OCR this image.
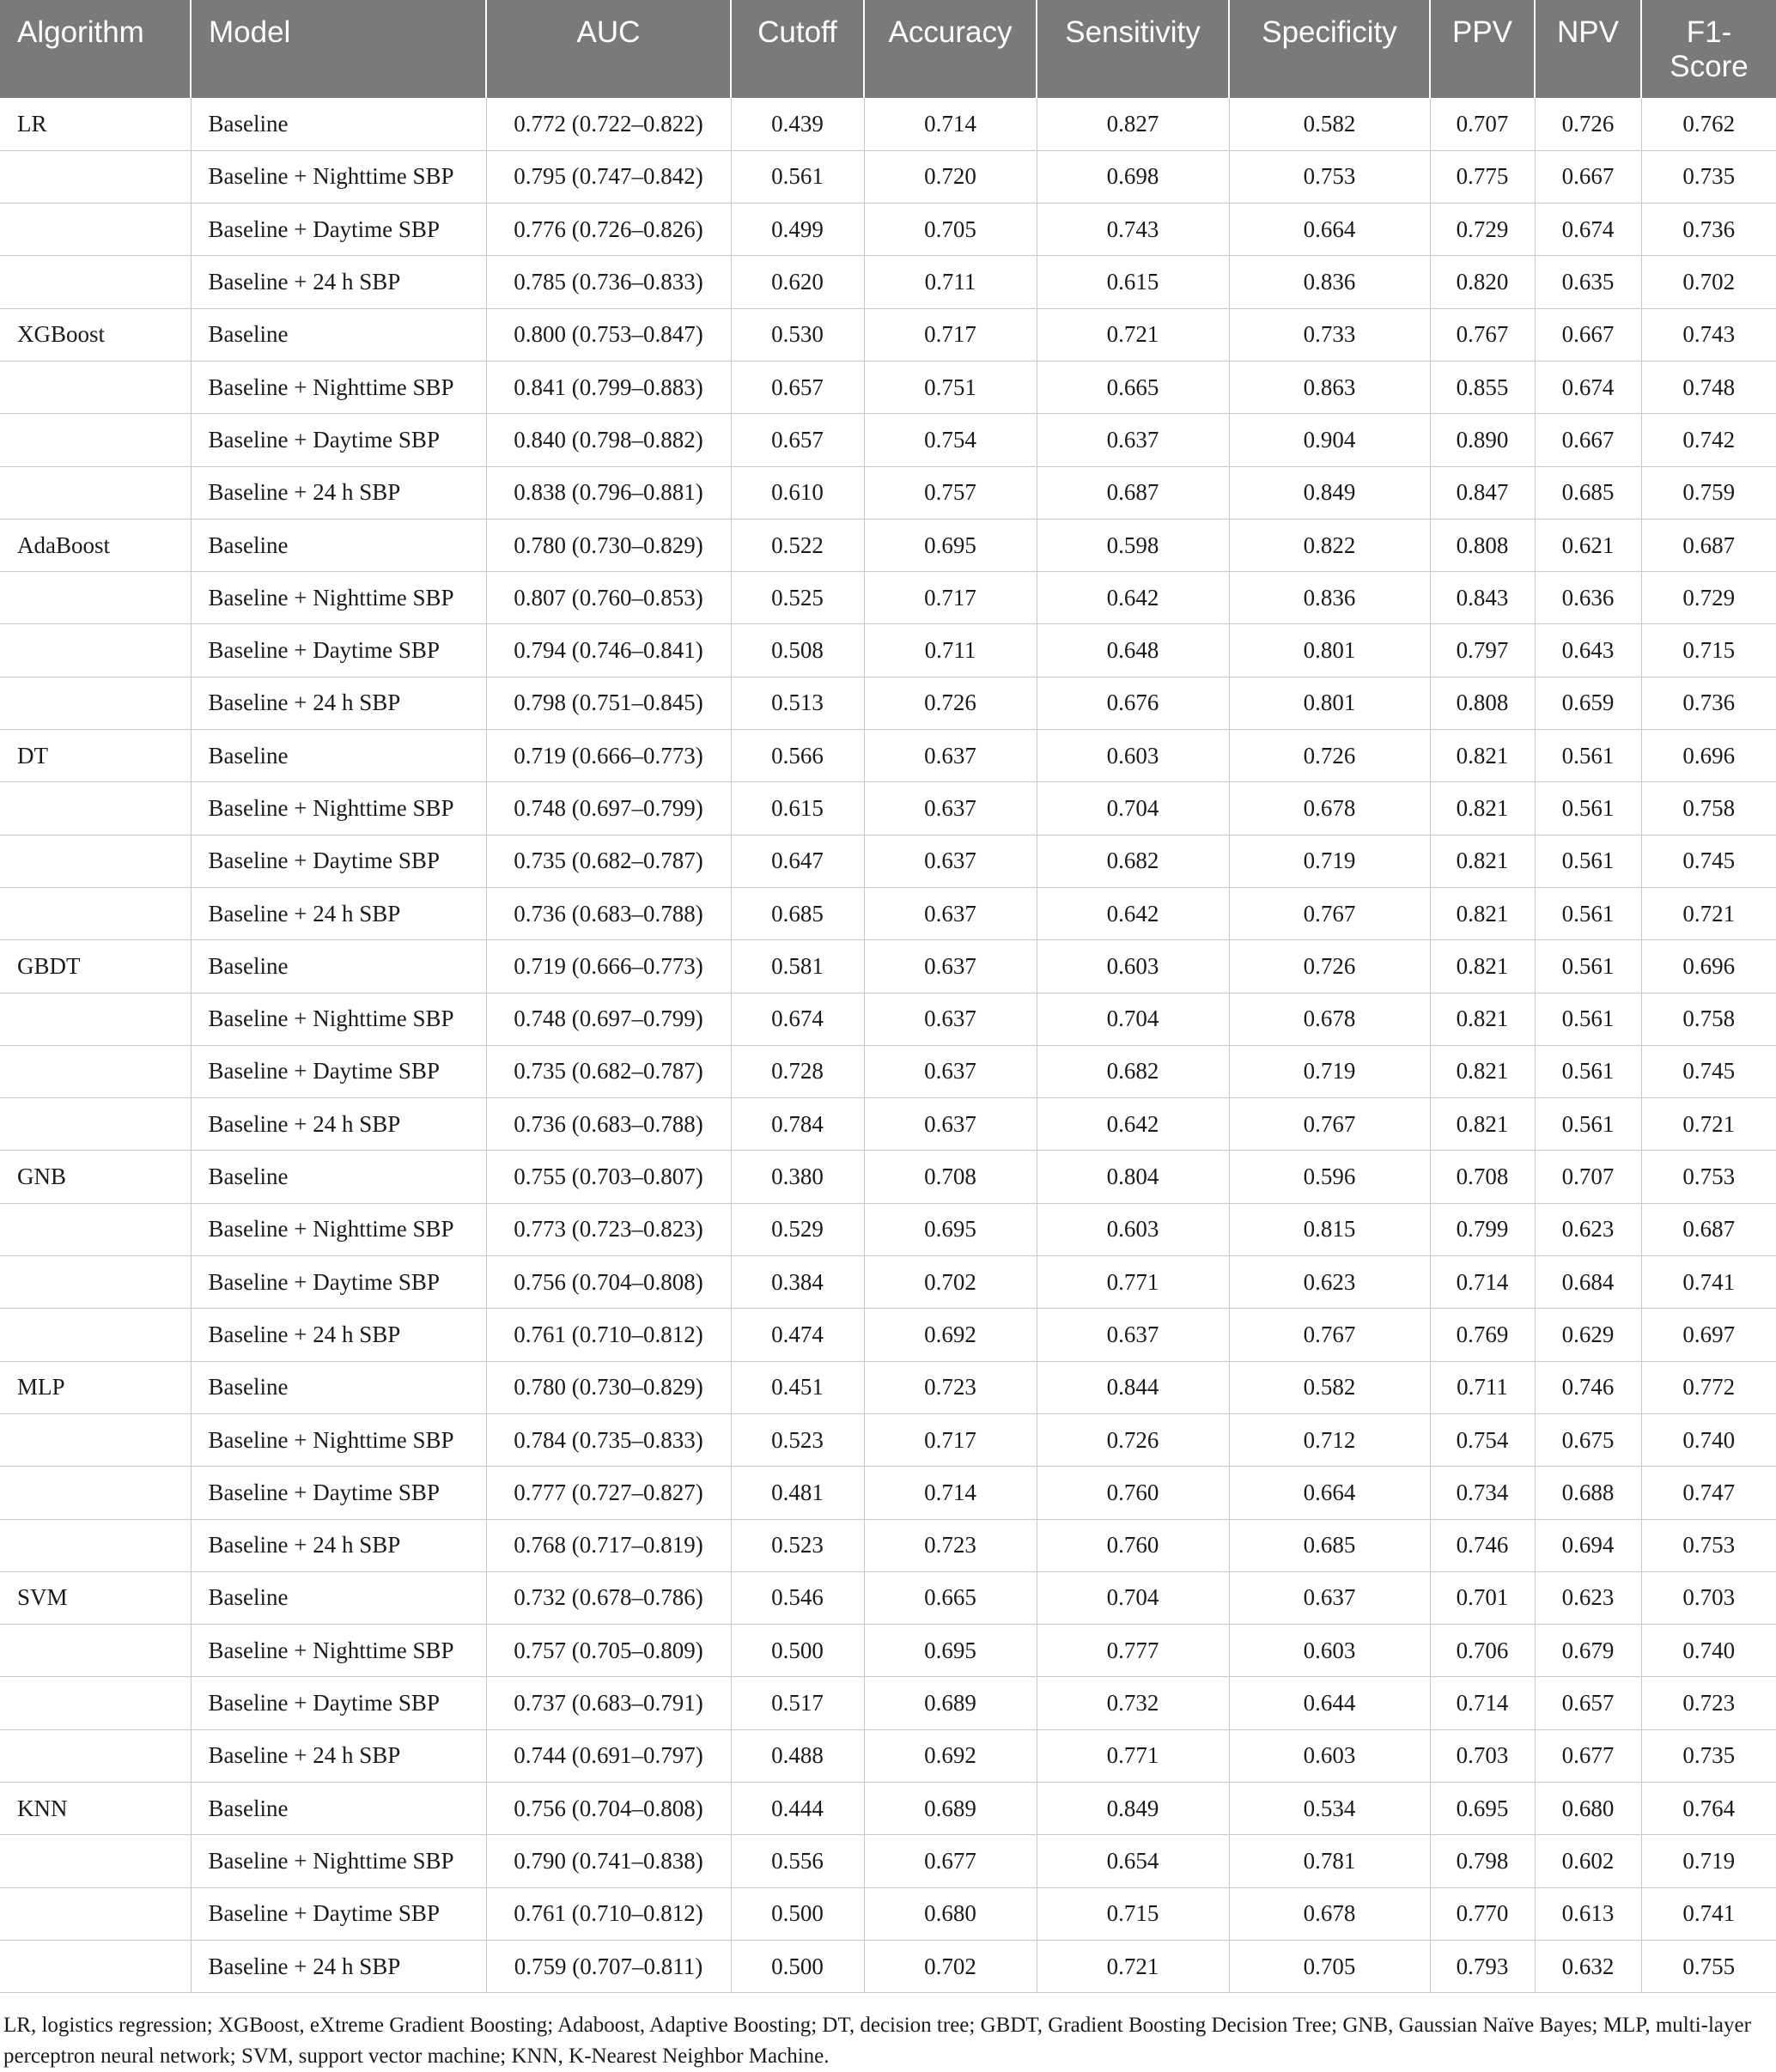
Algorithm	Model	AUC	Cutoff	Accuracy	Sensitivity	Specificity	PPV	NPV	F1-
Score

LR	Baseline	0.772 (0.722–0.822)	0.439	0.714	0.827	0.582	0.707	0.726	0.762
	Baseline + Nighttime SBP	0.795 (0.747–0.842)	0.561	0.720	0.698	0.753	0.775	0.667	0.735
	Baseline + Daytime SBP	0.776 (0.726–0.826)	0.499	0.705	0.743	0.664	0.729	0.674	0.736
	Baseline + 24 h SBP	0.785 (0.736–0.833)	0.620	0.711	0.615	0.836	0.820	0.635	0.702
XGBoost	Baseline	0.800 (0.753–0.847)	0.530	0.717	0.721	0.733	0.767	0.667	0.743
	Baseline + Nighttime SBP	0.841 (0.799–0.883)	0.657	0.751	0.665	0.863	0.855	0.674	0.748
	Baseline + Daytime SBP	0.840 (0.798–0.882)	0.657	0.754	0.637	0.904	0.890	0.667	0.742
	Baseline + 24 h SBP	0.838 (0.796–0.881)	0.610	0.757	0.687	0.849	0.847	0.685	0.759
AdaBoost	Baseline	0.780 (0.730–0.829)	0.522	0.695	0.598	0.822	0.808	0.621	0.687
	Baseline + Nighttime SBP	0.807 (0.760–0.853)	0.525	0.717	0.642	0.836	0.843	0.636	0.729
	Baseline + Daytime SBP	0.794 (0.746–0.841)	0.508	0.711	0.648	0.801	0.797	0.643	0.715
	Baseline + 24 h SBP	0.798 (0.751–0.845)	0.513	0.726	0.676	0.801	0.808	0.659	0.736
DT	Baseline	0.719 (0.666–0.773)	0.566	0.637	0.603	0.726	0.821	0.561	0.696
	Baseline + Nighttime SBP	0.748 (0.697–0.799)	0.615	0.637	0.704	0.678	0.821	0.561	0.758
	Baseline + Daytime SBP	0.735 (0.682–0.787)	0.647	0.637	0.682	0.719	0.821	0.561	0.745
	Baseline + 24 h SBP	0.736 (0.683–0.788)	0.685	0.637	0.642	0.767	0.821	0.561	0.721
GBDT	Baseline	0.719 (0.666–0.773)	0.581	0.637	0.603	0.726	0.821	0.561	0.696
	Baseline + Nighttime SBP	0.748 (0.697–0.799)	0.674	0.637	0.704	0.678	0.821	0.561	0.758
	Baseline + Daytime SBP	0.735 (0.682–0.787)	0.728	0.637	0.682	0.719	0.821	0.561	0.745
	Baseline + 24 h SBP	0.736 (0.683–0.788)	0.784	0.637	0.642	0.767	0.821	0.561	0.721
GNB	Baseline	0.755 (0.703–0.807)	0.380	0.708	0.804	0.596	0.708	0.707	0.753
	Baseline + Nighttime SBP	0.773 (0.723–0.823)	0.529	0.695	0.603	0.815	0.799	0.623	0.687
	Baseline + Daytime SBP	0.756 (0.704–0.808)	0.384	0.702	0.771	0.623	0.714	0.684	0.741
	Baseline + 24 h SBP	0.761 (0.710–0.812)	0.474	0.692	0.637	0.767	0.769	0.629	0.697
MLP	Baseline	0.780 (0.730–0.829)	0.451	0.723	0.844	0.582	0.711	0.746	0.772
	Baseline + Nighttime SBP	0.784 (0.735–0.833)	0.523	0.717	0.726	0.712	0.754	0.675	0.740
	Baseline + Daytime SBP	0.777 (0.727–0.827)	0.481	0.714	0.760	0.664	0.734	0.688	0.747
	Baseline + 24 h SBP	0.768 (0.717–0.819)	0.523	0.723	0.760	0.685	0.746	0.694	0.753
SVM	Baseline	0.732 (0.678–0.786)	0.546	0.665	0.704	0.637	0.701	0.623	0.703
	Baseline + Nighttime SBP	0.757 (0.705–0.809)	0.500	0.695	0.777	0.603	0.706	0.679	0.740
	Baseline + Daytime SBP	0.737 (0.683–0.791)	0.517	0.689	0.732	0.644	0.714	0.657	0.723
	Baseline + 24 h SBP	0.744 (0.691–0.797)	0.488	0.692	0.771	0.603	0.703	0.677	0.735
KNN	Baseline	0.756 (0.704–0.808)	0.444	0.689	0.849	0.534	0.695	0.680	0.764
	Baseline + Nighttime SBP	0.790 (0.741–0.838)	0.556	0.677	0.654	0.781	0.798	0.602	0.719
	Baseline + Daytime SBP	0.761 (0.710–0.812)	0.500	0.680	0.715	0.678	0.770	0.613	0.741
	Baseline + 24 h SBP	0.759 (0.707–0.811)	0.500	0.702	0.721	0.705	0.793	0.632	0.755
LR, logistics regression; XGBoost, eXtreme Gradient Boosting; Adaboost, Adaptive Boosting; DT, decision tree; GBDT, Gradient Boosting Decision Tree; GNB, Gaussian Naïve Bayes; MLP, multi-layer perceptron neural network; SVM, support vector machine; KNN, K-Nearest Neighbor Machine.
